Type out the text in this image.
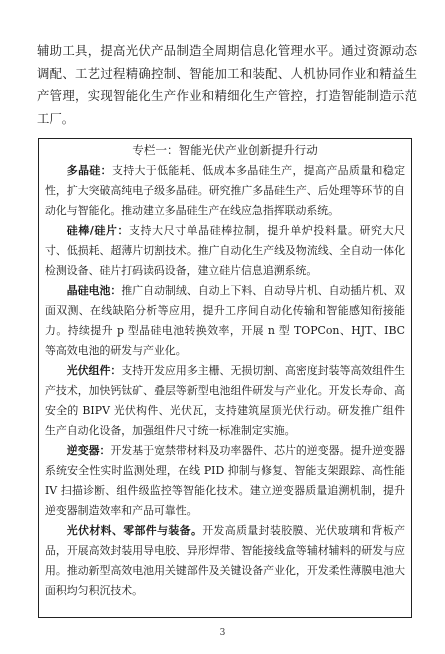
辅助工具，提高光伏产品制造全周期信息化管理水平。通过资源动态调配、工艺过程精确控制、智能加工和装配、人机协同作业和精益生产管理，实现智能化生产作业和精细化生产管控，打造智能制造示范工厂。

专栏一：智能光伏产业创新提升行动

多晶硅：支持大于低能耗、低成本多晶硅生产，提高产品质量和稳定性，扩大突破高纯电子级多晶硅。研究推广多晶硅生产、后处理等环节的自动化与智能化。推动建立多晶硅生产在线应急指挥联动系统。

硅棒/硅片：支持大尺寸单晶硅棒拉制，提升单炉投料量。研究大尺寸、低损耗、超薄片切割技术。推广自动化生产线及物流线、全自动一体化检测设备、硅片打码读码设备，建立硅片信息追溯系统。

晶硅电池：推广自动制绒、自动上下料、自动导片机、自动插片机、双面双测、在线缺陷分析等应用，提升工序间自动化传输和智能感知衔接能力。持续提升 p 型晶硅电池转换效率，开展 n 型 TOPCon、HJT、IBC 等高效电池的研发与产业化。

光伏组件：支持开发应用多主栅、无损切割、高密度封装等高效组件生产技术，加快钙钛矿、叠层等新型电池组件研发与产业化。开发长寿命、高安全的 BIPV 光伏构件、光伏瓦，支持建筑屋顶光伏行动。研发推广组件生产自动化设备，加强组件尺寸统一标准制定实施。

逆变器：开发基于宽禁带材料及功率器件、芯片的逆变器。提升逆变器系统安全性实时监测处理，在线 PID 抑制与修复、智能支架跟踪、高性能 IV 扫描诊断、组件级监控等智能化技术。建立逆变器质量追溯机制，提升逆变器制造效率和产品可靠性。

光伏材料、零部件与装备。开发高质量封装胶膜、光伏玻璃和背板产品，开展高效封装用导电胶、异形焊带、智能接线盒等辅材辅料的研发与应用。推动新型高效电池用关键部件及关键设备产业化，开发柔性薄膜电池大面积均匀积沉技术。

3
